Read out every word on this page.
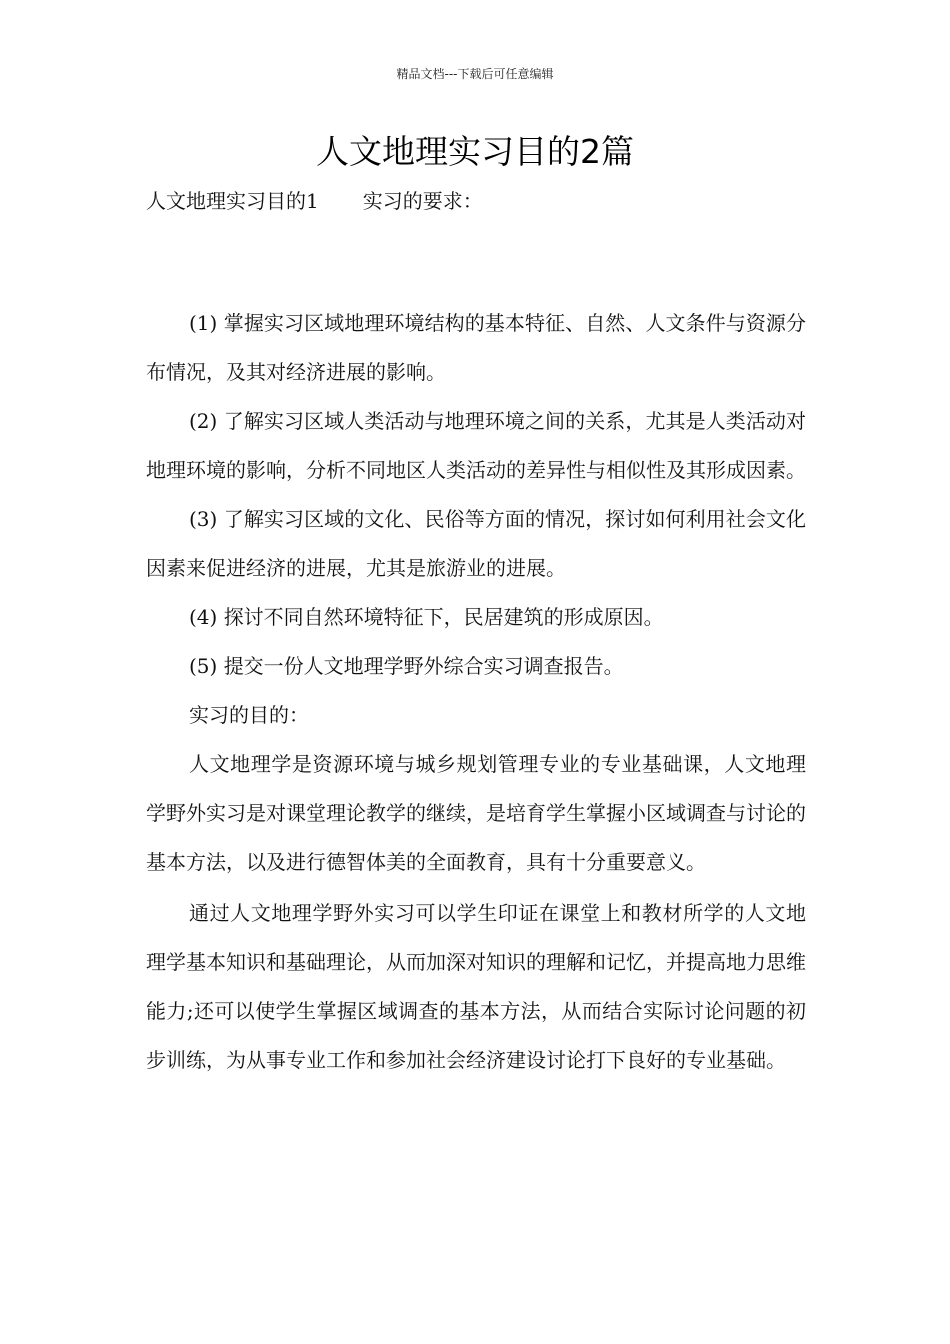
精品文档---下载后可任意编辑
人文地理实习目的2篇
人文地理实习目的1 实习的要求：

(1) 掌握实习区域地理环境结构的基本特征、自然、人文条件与资源分布情况，及其对经济进展的影响。

(2) 了解实习区域人类活动与地理环境之间的关系，尤其是人类活动对地理环境的影响，分析不同地区人类活动的差异性与相似性及其形成因素。

(3) 了解实习区域的文化、民俗等方面的情况，探讨如何利用社会文化因素来促进经济的进展，尤其是旅游业的进展。

(4) 探讨不同自然环境特征下，民居建筑的形成原因。

(5) 提交一份人文地理学野外综合实习调查报告。

实习的目的：

人文地理学是资源环境与城乡规划管理专业的专业基础课，人文地理学野外实习是对课堂理论教学的继续，是培育学生掌握小区域调查与讨论的基本方法，以及进行德智体美的全面教育，具有十分重要意义。

通过人文地理学野外实习可以学生印证在课堂上和教材所学的人文地理学基本知识和基础理论，从而加深对知识的理解和记忆，并提高地力思维能力;还可以使学生掌握区域调查的基本方法，从而结合实际讨论问题的初步训练，为从事专业工作和参加社会经济建设讨论打下良好的专业基础。
